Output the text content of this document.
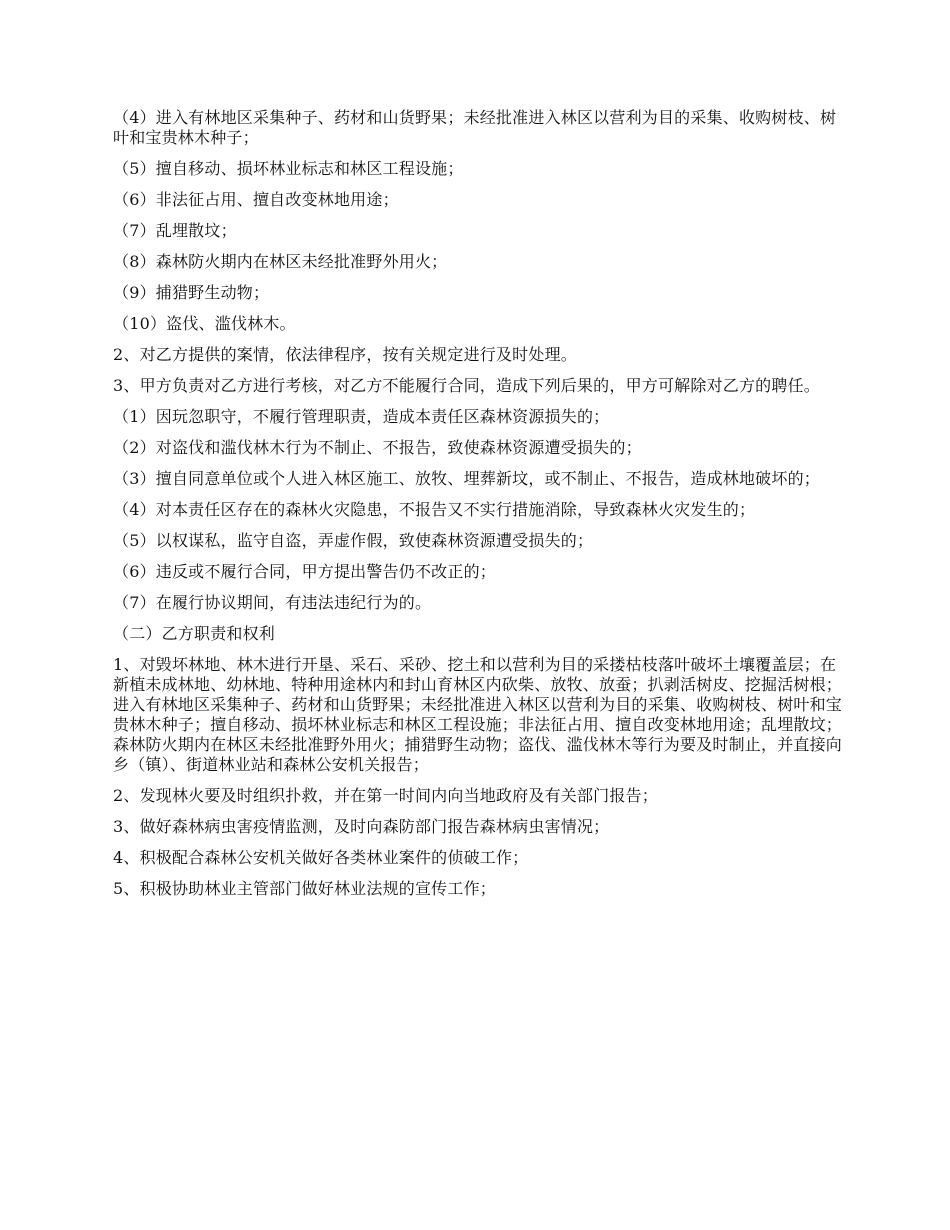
（4）进入有林地区采集种子、药材和山货野果；未经批准进入林区以营利为目的采集、收购树枝、树叶和宝贵林木种子；

（5）擅自移动、损坏林业标志和林区工程设施；

（6）非法征占用、擅自改变林地用途；

（7）乱埋散坟；

（8）森林防火期内在林区未经批准野外用火；

（9）捕猎野生动物；

（10）盗伐、滥伐林木。

2、对乙方提供的案情，依法律程序，按有关规定进行及时处理。

3、甲方负责对乙方进行考核，对乙方不能履行合同，造成下列后果的，甲方可解除对乙方的聘任。

（1）因玩忽职守，不履行管理职责，造成本责任区森林资源损失的；

（2）对盗伐和滥伐林木行为不制止、不报告，致使森林资源遭受损失的；

（3）擅自同意单位或个人进入林区施工、放牧、埋葬新坟，或不制止、不报告，造成林地破坏的；

（4）对本责任区存在的森林火灾隐患，不报告又不实行措施消除，导致森林火灾发生的；

（5）以权谋私，监守自盗，弄虚作假，致使森林资源遭受损失的；

（6）违反或不履行合同，甲方提出警告仍不改正的；

（7）在履行协议期间，有违法违纪行为的。

（二）乙方职责和权利

1、对毁坏林地、林木进行开垦、采石、采砂、挖土和以营利为目的采搂枯枝落叶破坏土壤覆盖层；在新植未成林地、幼林地、特种用途林内和封山育林区内砍柴、放牧、放蚕；扒剥活树皮、挖掘活树根；进入有林地区采集种子、药材和山货野果；未经批准进入林区以营利为目的采集、收购树枝、树叶和宝贵林木种子；擅自移动、损坏林业标志和林区工程设施；非法征占用、擅自改变林地用途；乱埋散坟；森林防火期内在林区未经批准野外用火；捕猎野生动物；盗伐、滥伐林木等行为要及时制止，并直接向乡（镇）、街道林业站和森林公安机关报告；

2、发现林火要及时组织扑救，并在第一时间内向当地政府及有关部门报告；

3、做好森林病虫害疫情监测，及时向森防部门报告森林病虫害情况；

4、积极配合森林公安机关做好各类林业案件的侦破工作；

5、积极协助林业主管部门做好林业法规的宣传工作；
